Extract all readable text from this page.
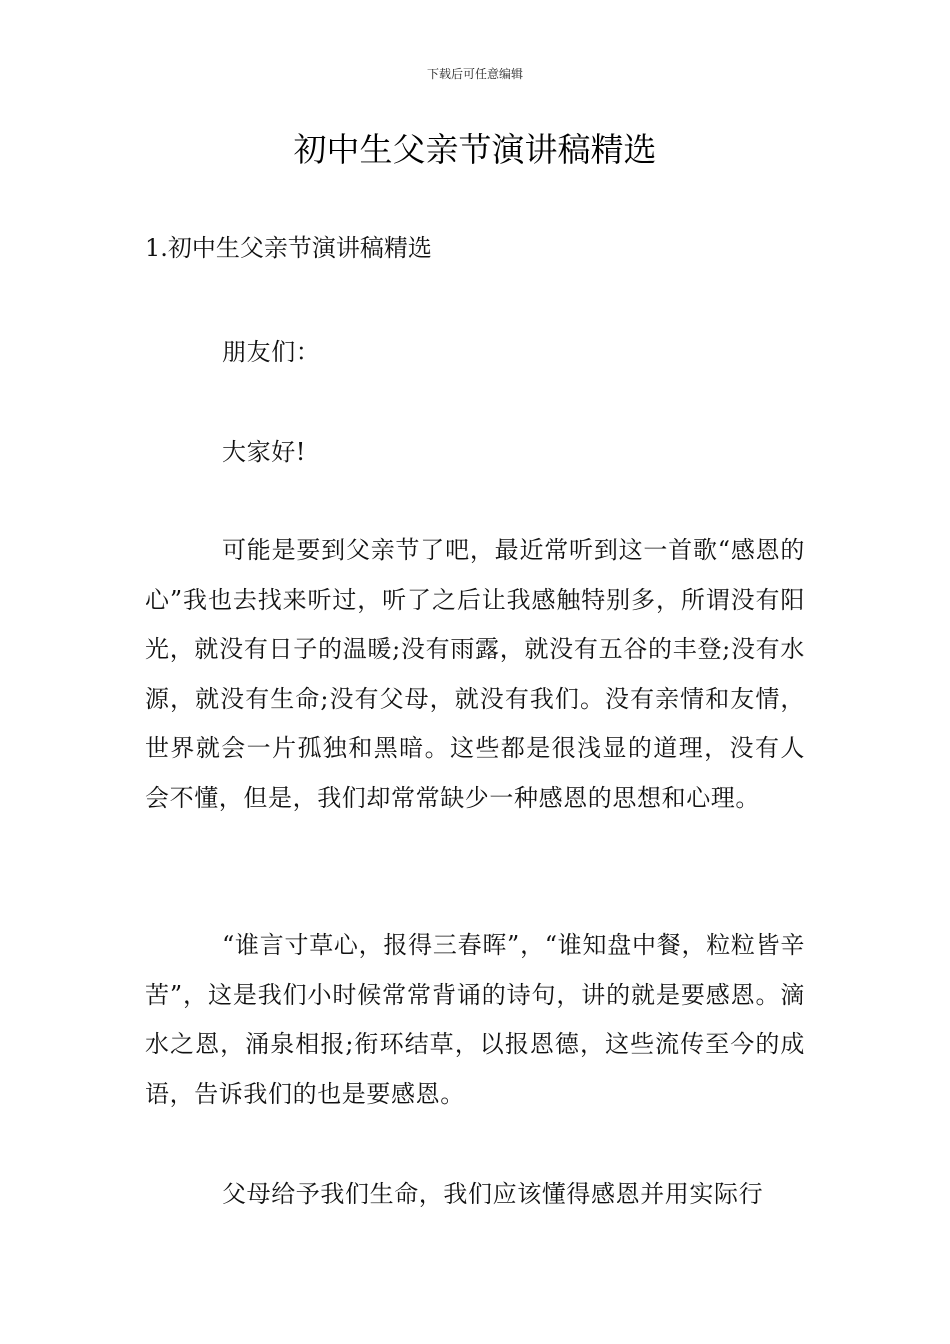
下载后可任意编辑
初中生父亲节演讲稿精选
1.初中生父亲节演讲稿精选

朋友们：

大家好!

可能是要到父亲节了吧，最近常听到这一首歌“感恩的心”我也去找来听过，听了之后让我感触特别多，所谓没有阳光，就没有日子的温暖;没有雨露，就没有五谷的丰登;没有水源，就没有生命;没有父母，就没有我们。没有亲情和友情，世界就会一片孤独和黑暗。这些都是很浅显的道理，没有人会不懂，但是，我们却常常缺少一种感恩的思想和心理。

“谁言寸草心，报得三春晖”，“谁知盘中餐，粒粒皆辛苦”，这是我们小时候常常背诵的诗句，讲的就是要感恩。滴水之恩，涌泉相报;衔环结草，以报恩德，这些流传至今的成语，告诉我们的也是要感恩。

父母给予我们生命，我们应该懂得感恩并用实际行
